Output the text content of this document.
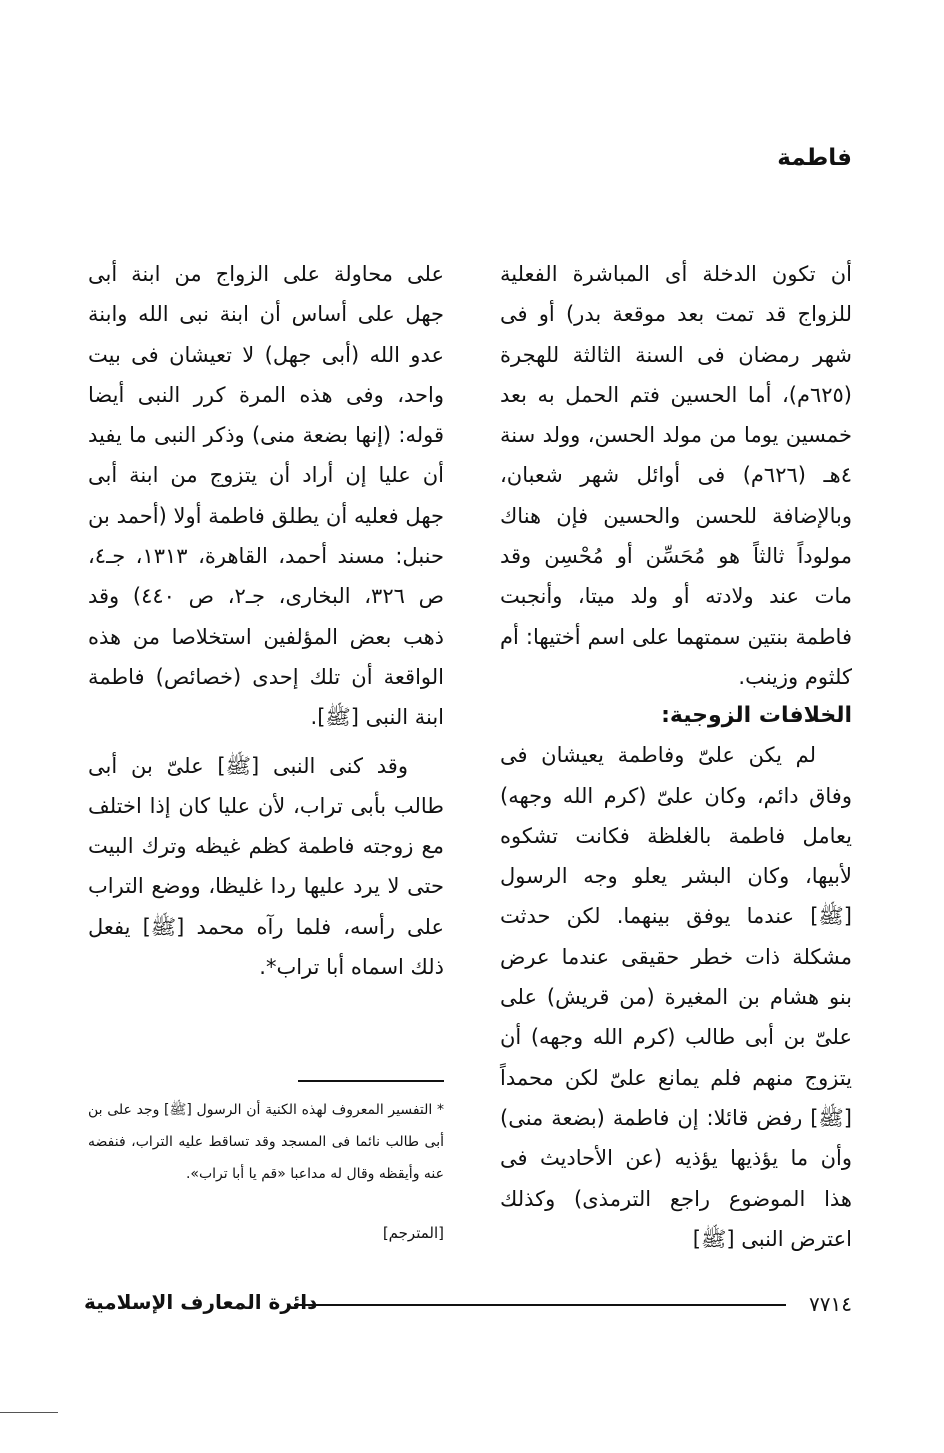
فاطمة

أن تكون الدخلة أى المباشرة الفعلية للزواج قد تمت بعد موقعة بدر) أو فى شهر رمضان فى السنة الثالثة للهجرة (٦٢٥م)، أما الحسين فتم الحمل به بعد خمسين يوما من مولد الحسن، وولد سنة ٤هـ (٦٢٦م) فى أوائل شهر شعبان، وبالإضافة للحسن والحسين فإن هناك مولوداً ثالثاً هو مُحَسِّن أو مُحْسِن وقد مات عند ولادته أو ولد ميتا، وأنجبت فاطمة بنتين سمتهما على اسم أختيها: أم كلثوم وزينب.

الخلافات الزوجية:

لم يكن علىّ وفاطمة يعيشان فى وفاق دائم، وكان علىّ (كرم الله وجهه) يعامل فاطمة بالغلظة فكانت تشكوه لأبيها، وكان البشر يعلو وجه الرسول [ﷺ] عندما يوفق بينهما. لكن حدثت مشكلة ذات خطر حقيقى عندما عرض بنو هشام بن المغيرة (من قريش) على علىّ بن أبى طالب (كرم الله وجهه) أن يتزوج منهم فلم يمانع علىّ لكن محمداً [ﷺ] رفض قائلا: إن فاطمة (بضعة منى) وأن ما يؤذيها يؤذيه (عن الأحاديث فى هذا الموضوع راجع الترمذى) وكذلك اعترض النبى [ﷺ]

على محاولة على الزواج من ابنة أبى جهل على أساس أن ابنة نبى الله وابنة عدو الله (أبى جهل) لا تعيشان فى بيت واحد، وفى هذه المرة كرر النبى أيضا قوله: (إنها بضعة منى) وذكر النبى ما يفيد أن عليا إن أراد أن يتزوج من ابنة أبى جهل فعليه أن يطلق فاطمة أولا (أحمد بن حنبل: مسند أحمد، القاهرة، ١٣١٣، جـ٤، ص ٣٢٦، البخارى، جـ٢، ص ٤٤٠) وقد ذهب بعض المؤلفين استخلاصا من هذه الواقعة أن تلك إحدى (خصائص) فاطمة ابنة النبى [ﷺ].

وقد كنى النبى [ﷺ] علىّ بن أبى طالب بأبى تراب، لأن عليا كان إذا اختلف مع زوجته فاطمة كظم غيظه وترك البيت حتى لا يرد عليها ردا غليظا، ووضع التراب على رأسه، فلما رآه محمد [ﷺ] يفعل ذلك اسماه أبا تراب*.

* التفسير المعروف لهذه الكنية أن الرسول [ﷺ] وجد على بن أبى طالب نائما فى المسجد وقد تساقط عليه التراب، فنفضه عنه وأيقظه وقال له مداعبا «قم يا أبا تراب».
[المترجم]
٧٧١٤
دائرة المعارف الإسلامية
